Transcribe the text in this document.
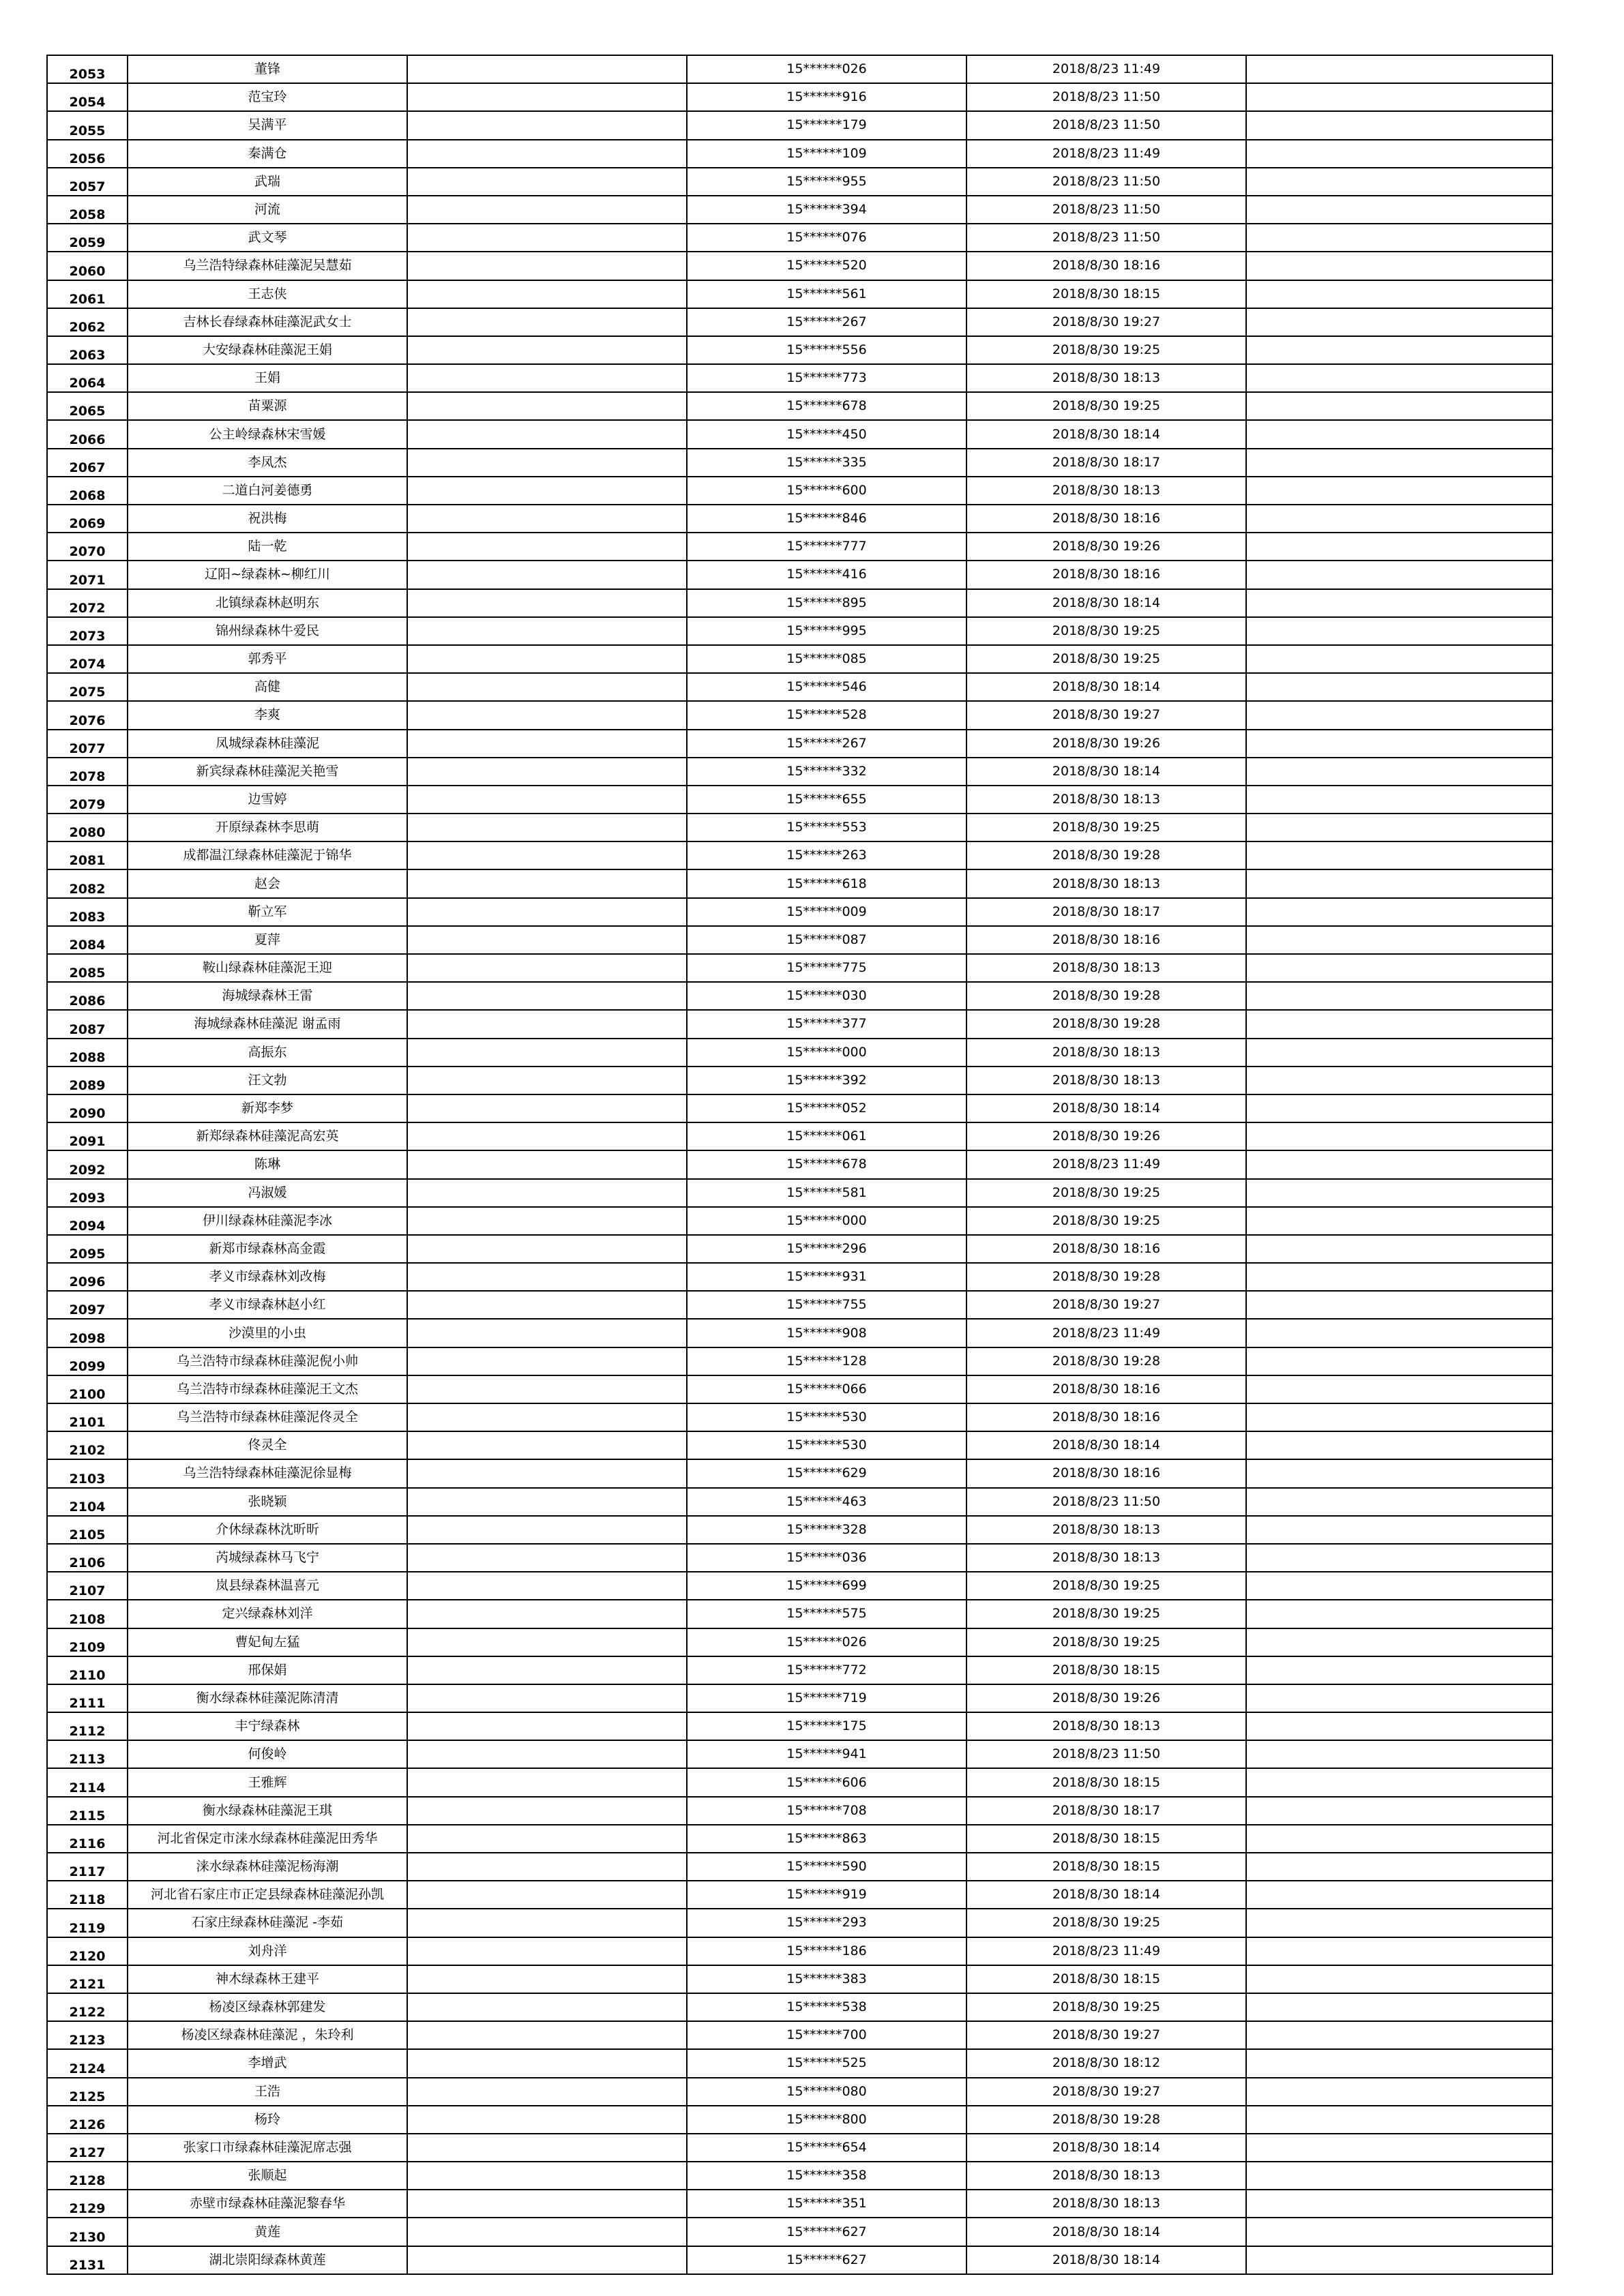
2053	董锋		15******026	2018/8/23 11:49	
2054	范宝玲		15******916	2018/8/23 11:50	
2055	吴满平		15******179	2018/8/23 11:50	
2056	秦满仓		15******109	2018/8/23 11:49	
2057	武瑞		15******955	2018/8/23 11:50	
2058	河流		15******394	2018/8/23 11:50	
2059	武文琴		15******076	2018/8/23 11:50	
2060	乌兰浩特绿森林硅藻泥吴慧茹		15******520	2018/8/30 18:16	
2061	王志侠		15******561	2018/8/30 18:15	
2062	吉林长春绿森林硅藻泥武女士		15******267	2018/8/30 19:27	
2063	大安绿森林硅藻泥王娟		15******556	2018/8/30 19:25	
2064	王娟		15******773	2018/8/30 18:13	
2065	苗粟源		15******678	2018/8/30 19:25	
2066	公主岭绿森林宋雪媛		15******450	2018/8/30 18:14	
2067	李凤杰		15******335	2018/8/30 18:17	
2068	二道白河姜德勇		15******600	2018/8/30 18:13	
2069	祝洪梅		15******846	2018/8/30 18:16	
2070	陆一乾		15******777	2018/8/30 19:26	
2071	辽阳~绿森林~柳红川		15******416	2018/8/30 18:16	
2072	北镇绿森林赵明东		15******895	2018/8/30 18:14	
2073	锦州绿森林牛爱民		15******995	2018/8/30 19:25	
2074	郭秀平		15******085	2018/8/30 19:25	
2075	高健		15******546	2018/8/30 18:14	
2076	李爽		15******528	2018/8/30 19:27	
2077	凤城绿森林硅藻泥		15******267	2018/8/30 19:26	
2078	新宾绿森林硅藻泥关艳雪		15******332	2018/8/30 18:14	
2079	边雪婷		15******655	2018/8/30 18:13	
2080	开原绿森林李思萌		15******553	2018/8/30 19:25	
2081	成都温江绿森林硅藻泥于锦华		15******263	2018/8/30 19:28	
2082	赵会		15******618	2018/8/30 18:13	
2083	靳立军		15******009	2018/8/30 18:17	
2084	夏萍		15******087	2018/8/30 18:16	
2085	鞍山绿森林硅藻泥王迎		15******775	2018/8/30 18:13	
2086	海城绿森林王雷		15******030	2018/8/30 19:28	
2087	海城绿森林硅藻泥 谢孟雨		15******377	2018/8/30 19:28	
2088	高振东		15******000	2018/8/30 18:13	
2089	汪文勃		15******392	2018/8/30 18:13	
2090	新郑李梦		15******052	2018/8/30 18:14	
2091	新郑绿森林硅藻泥高宏英		15******061	2018/8/30 19:26	
2092	陈琳		15******678	2018/8/23 11:49	
2093	冯淑媛		15******581	2018/8/30 19:25	
2094	伊川绿森林硅藻泥李冰		15******000	2018/8/30 19:25	
2095	新郑市绿森林高金霞		15******296	2018/8/30 18:16	
2096	孝义市绿森林刘改梅		15******931	2018/8/30 19:28	
2097	孝义市绿森林赵小红		15******755	2018/8/30 19:27	
2098	沙漠里的小虫		15******908	2018/8/23 11:49	
2099	乌兰浩特市绿森林硅藻泥倪小帅		15******128	2018/8/30 19:28	
2100	乌兰浩特市绿森林硅藻泥王文杰		15******066	2018/8/30 18:16	
2101	乌兰浩特市绿森林硅藻泥佟灵全		15******530	2018/8/30 18:16	
2102	佟灵全		15******530	2018/8/30 18:14	
2103	乌兰浩特绿森林硅藻泥徐显梅		15******629	2018/8/30 18:16	
2104	张晓颖		15******463	2018/8/23 11:50	
2105	介休绿森林沈昕昕		15******328	2018/8/30 18:13	
2106	芮城绿森林马飞宁		15******036	2018/8/30 18:13	
2107	岚县绿森林温喜元		15******699	2018/8/30 19:25	
2108	定兴绿森林刘洋		15******575	2018/8/30 19:25	
2109	曹妃甸左猛		15******026	2018/8/30 19:25	
2110	邢保娟		15******772	2018/8/30 18:15	
2111	衡水绿森林硅藻泥陈清清		15******719	2018/8/30 19:26	
2112	丰宁绿森林		15******175	2018/8/30 18:13	
2113	何俊岭		15******941	2018/8/23 11:50	
2114	王雅辉		15******606	2018/8/30 18:15	
2115	衡水绿森林硅藻泥王琪		15******708	2018/8/30 18:17	
2116	河北省保定市涞水绿森林硅藻泥田秀华		15******863	2018/8/30 18:15	
2117	涞水绿森林硅藻泥杨海潮		15******590	2018/8/30 18:15	
2118	河北省石家庄市正定县绿森林硅藻泥孙凯		15******919	2018/8/30 18:14	
2119	石家庄绿森林硅藻泥 -李茹		15******293	2018/8/30 19:25	
2120	刘舟洋		15******186	2018/8/23 11:49	
2121	神木绿森林王建平		15******383	2018/8/30 18:15	
2122	杨凌区绿森林郭建发		15******538	2018/8/30 19:25	
2123	杨凌区绿森林硅藻泥 ，朱玲利		15******700	2018/8/30 19:27	
2124	李增武		15******525	2018/8/30 18:12	
2125	王浩		15******080	2018/8/30 19:27	
2126	杨玲		15******800	2018/8/30 19:28	
2127	张家口市绿森林硅藻泥席志强		15******654	2018/8/30 18:14	
2128	张顺起		15******358	2018/8/30 18:13	
2129	赤壁市绿森林硅藻泥黎春华		15******351	2018/8/30 18:13	
2130	黄莲		15******627	2018/8/30 18:14	
2131	湖北崇阳绿森林黄莲		15******627	2018/8/30 18:14	
